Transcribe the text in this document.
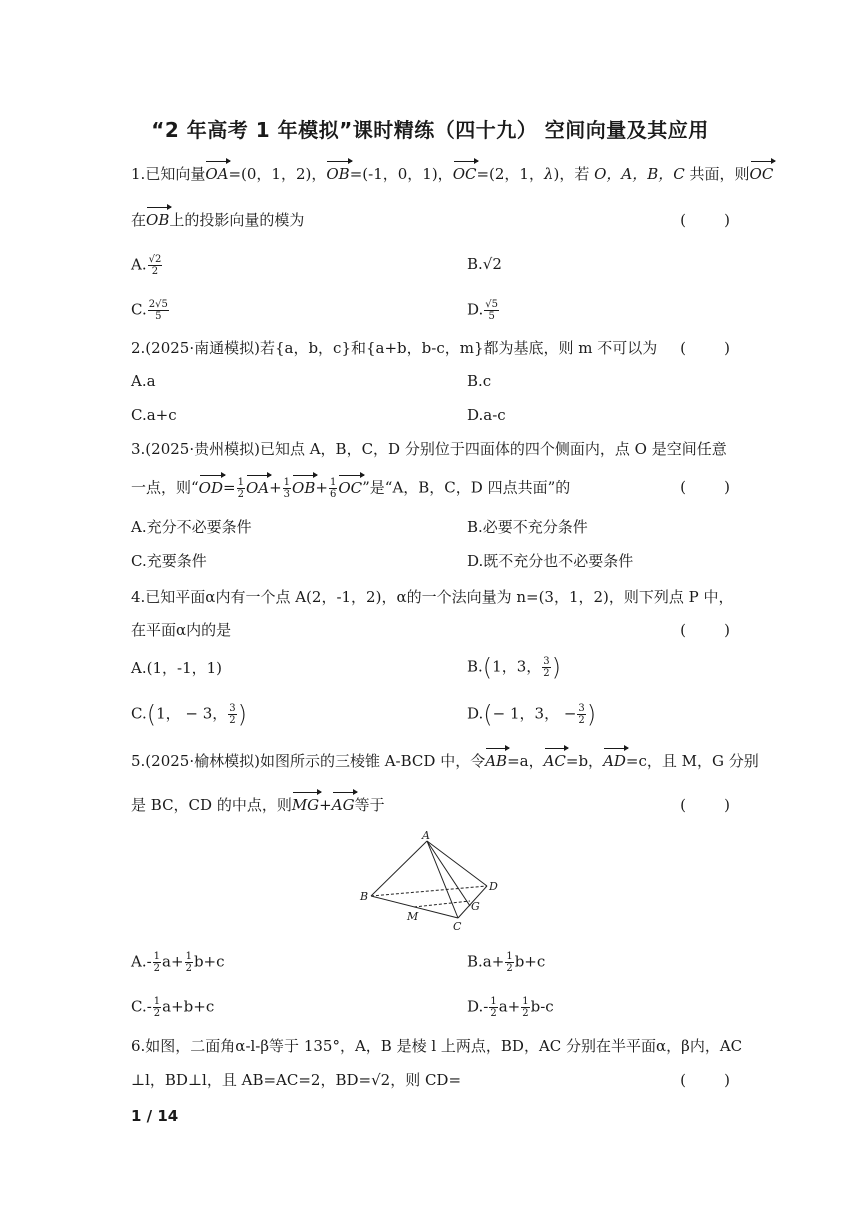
“2 年高考 1 年模拟”课时精练（四十九） 空间向量及其应用
1.已知向量OA=(0，1，2)，OB=(-1，0，1)，OC=(2，1，λ)，若 O，A，B，C 共面，则OC
在OB上的投影向量的模为	(        )
A. $\frac{√2}{2}$	B.√2
C. $\frac{2√5}{5}$	D. $\frac{√5}{5}$
2.(2025·南通模拟)若{a，b，c}和{a+b，b-c，m}都为基底，则 m 不可以为	(        )
A.a	B.c
C.a+c	D.a-c
3.(2025·贵州模拟)已知点 A，B，C，D 分别位于四面体的四个侧面内，点 O 是空间任意
一点，则“$OD= \frac{1}{2} OA+ \frac{1}{3} OB+ \frac{1}{6}$ OC”是“A，B，C，D 四点共面”的	(        )
A.充分不必要条件	B.必要不充分条件
C.充要条件	D.既不充分也不必要条件
4.已知平面α内有一个点 A(2，-1，2)，α的一个法向量为 n=(3，1，2)，则下列点 P 中，
在平面α内的是	(        )
A.(1，-1，1)	B.(1，3， $\frac{3}{2}$ )
C.(1， − 3， $\frac{3}{2}$ )	D.(− 1，3， − $\frac{3}{2}$ )
5.(2025·榆林模拟)如图所示的三棱锥 A-BCD 中，令AB=a，AC=b，AD=c，且 M，G 分别
是 BC，CD 的中点，则MG+AG等于	(        )
A
B
C
D
G
M
$A.- \frac{1}{2} a+ \frac{1}{2} b+c$	$B.a+ \frac{1}{2} b+c$
$C.- \frac{1}{2} a+b+c$	$D.- \frac{1}{2} a+ \frac{1}{2} b-c$
6.如图，二面角α-l-β等于 135°，A，B 是棱 l 上两点，BD，AC 分别在半平面α，β内，AC
⊥l，BD⊥l，且 AB=AC=2，BD=√2，则 CD=	(        )
1 / 14
